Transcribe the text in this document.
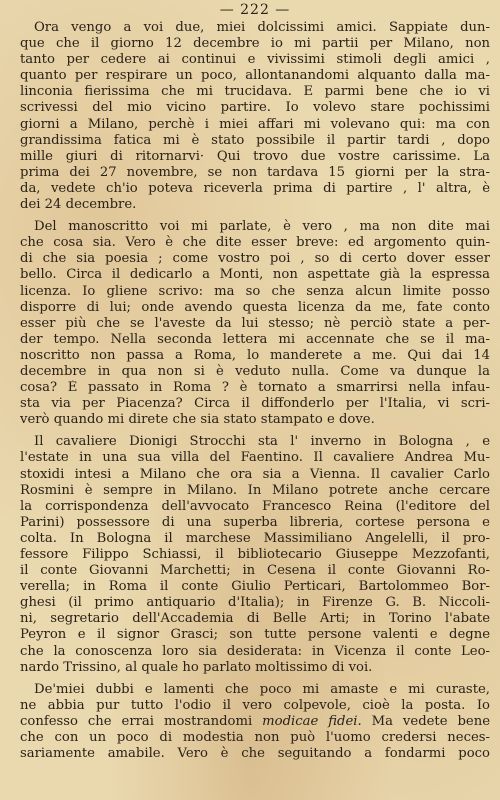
— 222 —
Ora vengo a voi due, miei dolcissimi amici. Sappiate dun-
que che il giorno 12 decembre io mi partii per Milano, non
tanto per cedere ai continui e vivissimi stimoli degli amici ,
quanto per respirare un poco, allontanandomi alquanto dalla ma-
linconia fierissima che mi trucidava. E parmi bene che io vi
scrivessi del mio vicino partire. Io volevo stare pochissimi
giorni a Milano, perchè i miei affari mi volevano qui: ma con
grandissima fatica mi è stato possibile il partir tardi , dopo
mille giuri di ritornarvi· Qui trovo due vostre carissime. La
prima dei 27 novembre, se non tardava 15 giorni per la stra-
da, vedete ch'io poteva riceverla prima di partire , l' altra, è
dei 24 decembre.
Del manoscritto voi mi parlate, è vero , ma non dite mai
che cosa sia. Vero è che dite esser breve: ed argomento quin-
di che sia poesia ; come vostro poi , so di certo dover esser
bello. Circa il dedicarlo a Monti, non aspettate già la espressa
licenza. Io gliene scrivo: ma so che senza alcun limite posso
disporre di lui; onde avendo questa licenza da me, fate conto
esser più che se l'aveste da lui stesso; nè perciò state a per-
der tempo. Nella seconda lettera mi accennate che se il ma-
noscritto non passa a Roma, lo manderete a me. Qui dai 14
decembre in qua non si è veduto nulla. Come va dunque la
cosa? È passato in Roma ? è tornato a smarrirsi nella infau-
sta via per Piacenza? Circa il diffonderlo per l'Italia, vi scri-
verò quando mi direte che sia stato stampato e dove.
Il cavaliere Dionigi Strocchi sta l' inverno in Bologna , e
l'estate in una sua villa del Faentino. Il cavaliere Andrea Mu-
stoxidi intesi a Milano che ora sia a Vienna. Il cavalier Carlo
Rosmini è sempre in Milano. In Milano potrete anche cercare
la corrispondenza dell'avvocato Francesco Reina (l'editore del
Parini) possessore di una superba libreria, cortese persona e
colta. In Bologna il marchese Massimiliano Angelelli, il pro-
fessore Filippo Schiassi, il bibliotecario Giuseppe Mezzofanti,
il conte Giovanni Marchetti; in Cesena il conte Giovanni Ro-
verella; in Roma il conte Giulio Perticari, Bartolommeo Bor-
ghesi (il primo antiquario d'Italia); in Firenze G. B. Niccoli-
ni, segretario dell'Accademia di Belle Arti; in Torino l'abate
Peyron e il signor Grasci; son tutte persone valenti e degne
che la conoscenza loro sia desiderata: in Vicenza il conte Leo-
nardo Trissino, al quale ho parlato moltissimo di voi.
De'miei dubbi e lamenti che poco mi amaste e mi curaste,
ne abbia pur tutto l'odio il vero colpevole, cioè la posta. Io
confesso che errai mostrandomi modicae fidei. Ma vedete bene
che con un poco di modestia non può l'uomo credersi neces-
sariamente amabile. Vero è che seguitando a fondarmi poco
